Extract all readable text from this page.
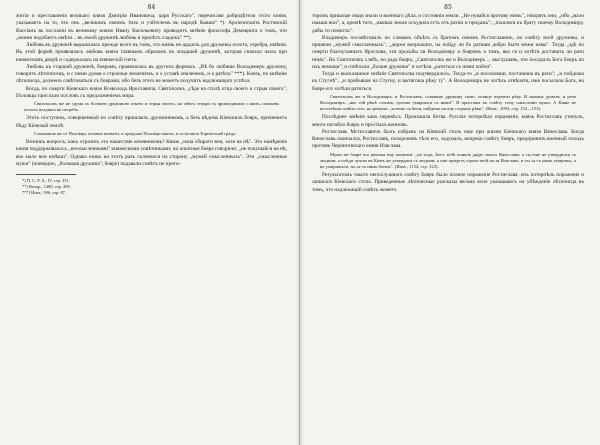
84

житія и преставленія великаго князя Дмитрія Ивановича, царя Русскаго", перечисляя добродѣтели этого князя, указываетъ на то, что онъ „великимъ своимъ тихъ и учйтелемъ въ народѣ бывше" *). Архіепископъ Ростовскій Вассіанъ въ посланіи къ великому князю Ивану Васильевичу приводитъ мнѣніе философа Демокрита о томъ, что „князю подобаетъ имѣти... въ своей дружинѣ любовь и прилѣтъ сладокъ" **).

Любовь къ дружинѣ выражалась прежде всего въ томъ, что князь не щадилъ для дружины золота, серебра, имѣнія. Въ этой формѣ проявлялась любовь князя главнымъ образомъ къ младшей дружинѣ, которая сначала жила при княжескомъ дворѣ и содержалась на княжескій счетъ.

Любовь къ старшей дружинѣ, боярамъ, проявлялась въ другихъ формахъ. „Вѣ бо любише Володимеръ дружину, говоритъ лѣтописецъ, и с ними думая о строеньи земленемъ, и о уставѣ земленемъ, и о ратѣхъ" ***). Князь, по мнѣнію лѣтописца, долженъ совѣтоваться съ боярами, ибо безъ этого не можетъ получить надлежащаго успѣха.

Когда, по смерти Кіевскаго князя Всеволода Ярославича, Святополкъ „сѣде на столѣ отца своего и стрыя своего", Половцы прислали пословъ съ предложеніемъ мира.

Святополкъ же не здумя съ болшею дружиною отнею и стрыя своего, но свѣтъ створи съ пришедшими с нимъ, поимавъ посолъ всадиша въ погребъ.

Этотъ поступокъ, совершенный по совѣту пришлыхъ дружинниковъ, а безъ вѣдома Кіевскихъ бояръ, причиняетъ бѣду Кіевской землѣ:

Слышавше же се Половци, почаша воевати; и придоша Половци мнози, и оступиша Торьческый градъ.

Возникъ вопросъ, какъ отразить это нашествіе кочевниковъ? Князь „нача сбирати вои, хотя на нѣ". Это намѣреніе князя поддерживалось „несмысленными" княжескими совѣтниками; но опытные бояре говорили: „не покушайся на нѣ, яко мало вои имѣши". Однако князь на этотъ разъ склонялся на сторону „мужей смысленныхъ". Эти „смысленные мужи" (очевидно, „большая дружина", бояре) подавали совѣтъ не проти-

*) П. С. Р. Л., IV, стр. 351.
**) Воскр., 1480, стр. 209.
***) Ипат., 996, стр. 87.
85

торомъ пришлые люди знали и военнаго дѣла, и состоянія земли. „Не нувайся противу нимъ", говорятъ они, „ибо „мало имаши вои", а, кромѣ того, „вынша земля оскудила есть отъ ратии и продажь"; „пошлися къ брату своему Володимиру, дабы ти помоглъ".

Владимиръ посовѣтовалъ по словамъ объѣть съ братомъ своимъ Ростиславомъ, по совѣту всей дружины, и приняли „мужей смысленныхъ"; „держа вопрошати, на пойду ли бо ратиши добро быти межи нама". Тогда „здѣ по смерти благоуханнаго Ярослава, эти просьбы ли Володимеру и бояромъ о томъ, яко ся и хотѣти доставить ли рати нимъ". Но Святополкъ слабъ, но рада бояръ; „Святополкъ же и Володимеръ ... выслушавъ, что посадилъ Бога бояръ по ихъ немощи", и отвѣчали „болше дружина" и хотѣли „ратиться съ ними пойти".

Тогда и высказанное мнѣніе Святополка подтвердилось. Тогда-то „и посоловши, поставиша въ рати"; „и пойдоша къ Стугнѣ"; „и прибывше на Стугну, и вытягоша рѣку ту". А Володимиръ не хотѣлъ отвѣчати, иже посылали Бога, но бояре его хотѣли ратиться.

Святополкъ же и Володимиръ, и Ростиславъ, созвавше дружину свою, хотяще переити рѣку. И начаша думати, и рече Володимиръ: „яко сей рѣкѣ стоимъ; грозою умиримся съ ними". И присташа къ совѣту сему смысленіи мужи. А Кіяне не восхотѣша совѣта сего, но рекоша: „хочемъ ся бити, пойдемъ на ону сторону рѣки". (Ипат., 1093, стр. 152—153).

Послѣднее мнѣніе какъ перевѣсъ. Произошла битва. Русскіе потерпѣли пораженіе, князь Ростиславъ утонулъ, много погибло бояръ и простыхъ воиновъ.

Ростиславъ Мстиславичъ былъ избранъ на Кіевскій столъ еще при жизни Кіевскаго князя Вячеслава. Когда Вячеславъ скончался, Ростиславъ, похоронивъ тѣло его, задумалъ, вопреки совѣту бояръ, предпринять военный походъ противъ Черниговскаго князя Изяслава.

Мужи же бояре его начаша ему молвити: „не ходи, Богъ тобѣ понялъ дядю своего Вячеслава, а ты еще не утвердился съ людьми; а поѣди лучше въ Кіевъ же утвердися съ людьми; а оже придетъ стрыи твой на тя Изяславъ, и ты ся съ нимъ умиришь, а не умиришься, ты ся съ нимъ бьешь". (Ипат., 1154, стр. 323).

Результатомъ такого непослушнаго совѣту бояръ было полное пораженіе Ростислава: онъ потерпѣлъ пораженіе и лишился Кіевскаго стола. Приведенные лѣтописные разсказы весьма ясно указываютъ на убѣжденіе лѣтописца въ томъ, что надлежащій совѣтъ можетъ
